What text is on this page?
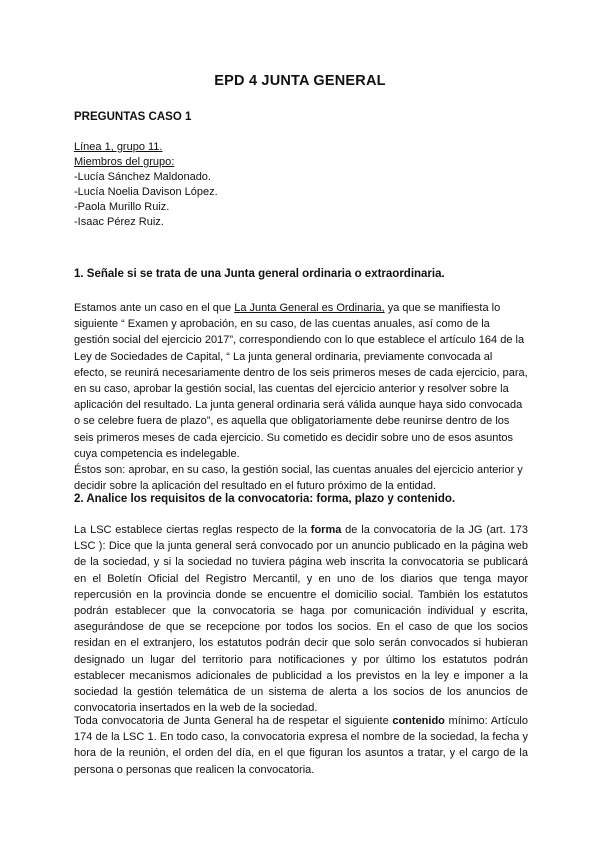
EPD 4 JUNTA GENERAL
PREGUNTAS CASO 1
Línea 1, grupo 11.
Miembros del grupo:
-Lucía Sánchez Maldonado.
-Lucía Noelia Davison López.
-Paola Murillo Ruiz.
-Isaac Pérez Ruiz.
1. Señale si se trata de una Junta general ordinaria o extraordinaria.

Estamos ante un caso en el que La Junta General es Ordinaria, ya que se manifiesta lo siguiente “ Examen y aprobación, en su caso, de las cuentas anuales, así como de la gestión social del ejercicio 2017”, correspondiendo con lo que establece el artículo 164 de la Ley de Sociedades de Capital, “ La junta general ordinaria, previamente convocada al efecto, se reunirá necesariamente dentro de los seis primeros meses de cada ejercicio, para, en su caso, aprobar la gestión social, las cuentas del ejercicio anterior y resolver sobre la aplicación del resultado. La junta general ordinaria será válida aunque haya sido convocada o se celebre fuera de plazo”, es aquella que obligatoriamente debe reunirse dentro de los seis primeros meses de cada ejercicio. Su cometido es decidir sobre uno de esos asuntos cuya competencia es indelegable.

Éstos son: aprobar, en su caso, la gestión social, las cuentas anuales del ejercicio anterior y decidir sobre la aplicación del resultado en el futuro próximo de la entidad.

2. Analice los requisitos de la convocatoria: forma, plazo y contenido.
La LSC establece ciertas reglas respecto de la forma de la convocatoria de la JG (art. 173
LSC ): Dice que la junta general será convocado por un anuncio publicado en la página web
de la sociedad, y si la sociedad no tuviera página web inscrita la convocatoria se publicará
en el Boletín Oficial del Registro Mercantil, y en uno de los diarios que tenga mayor
repercusión en la provincia donde se encuentre el domicilio social. También los estatutos
podrán establecer que la convocatoria se haga por comunicación individual y escrita,
asegurándose de que se recepcione por todos los socios. En el caso de que los socios
residan en el extranjero, los estatutos podrán decir que solo serán convocados si hubieran
designado un lugar del territorio para notificaciones y por último los estatutos podrán
establecer mecanismos adicionales de publicidad a los previstos en la ley e imponer a la
sociedad la gestión telemática de un sistema de alerta a los socios de los anuncios de
convocatoria insertados en la web de la sociedad.
Toda convocatoria de Junta General ha de respetar el siguiente contenido mínimo: Artículo
174 de la LSC 1. En todo caso, la convocatoria expresa el nombre de la sociedad, la fecha y
hora de la reunión, el orden del día, en el que figuran los asuntos a tratar, y el cargo de la
persona o personas que realicen la convocatoria.
